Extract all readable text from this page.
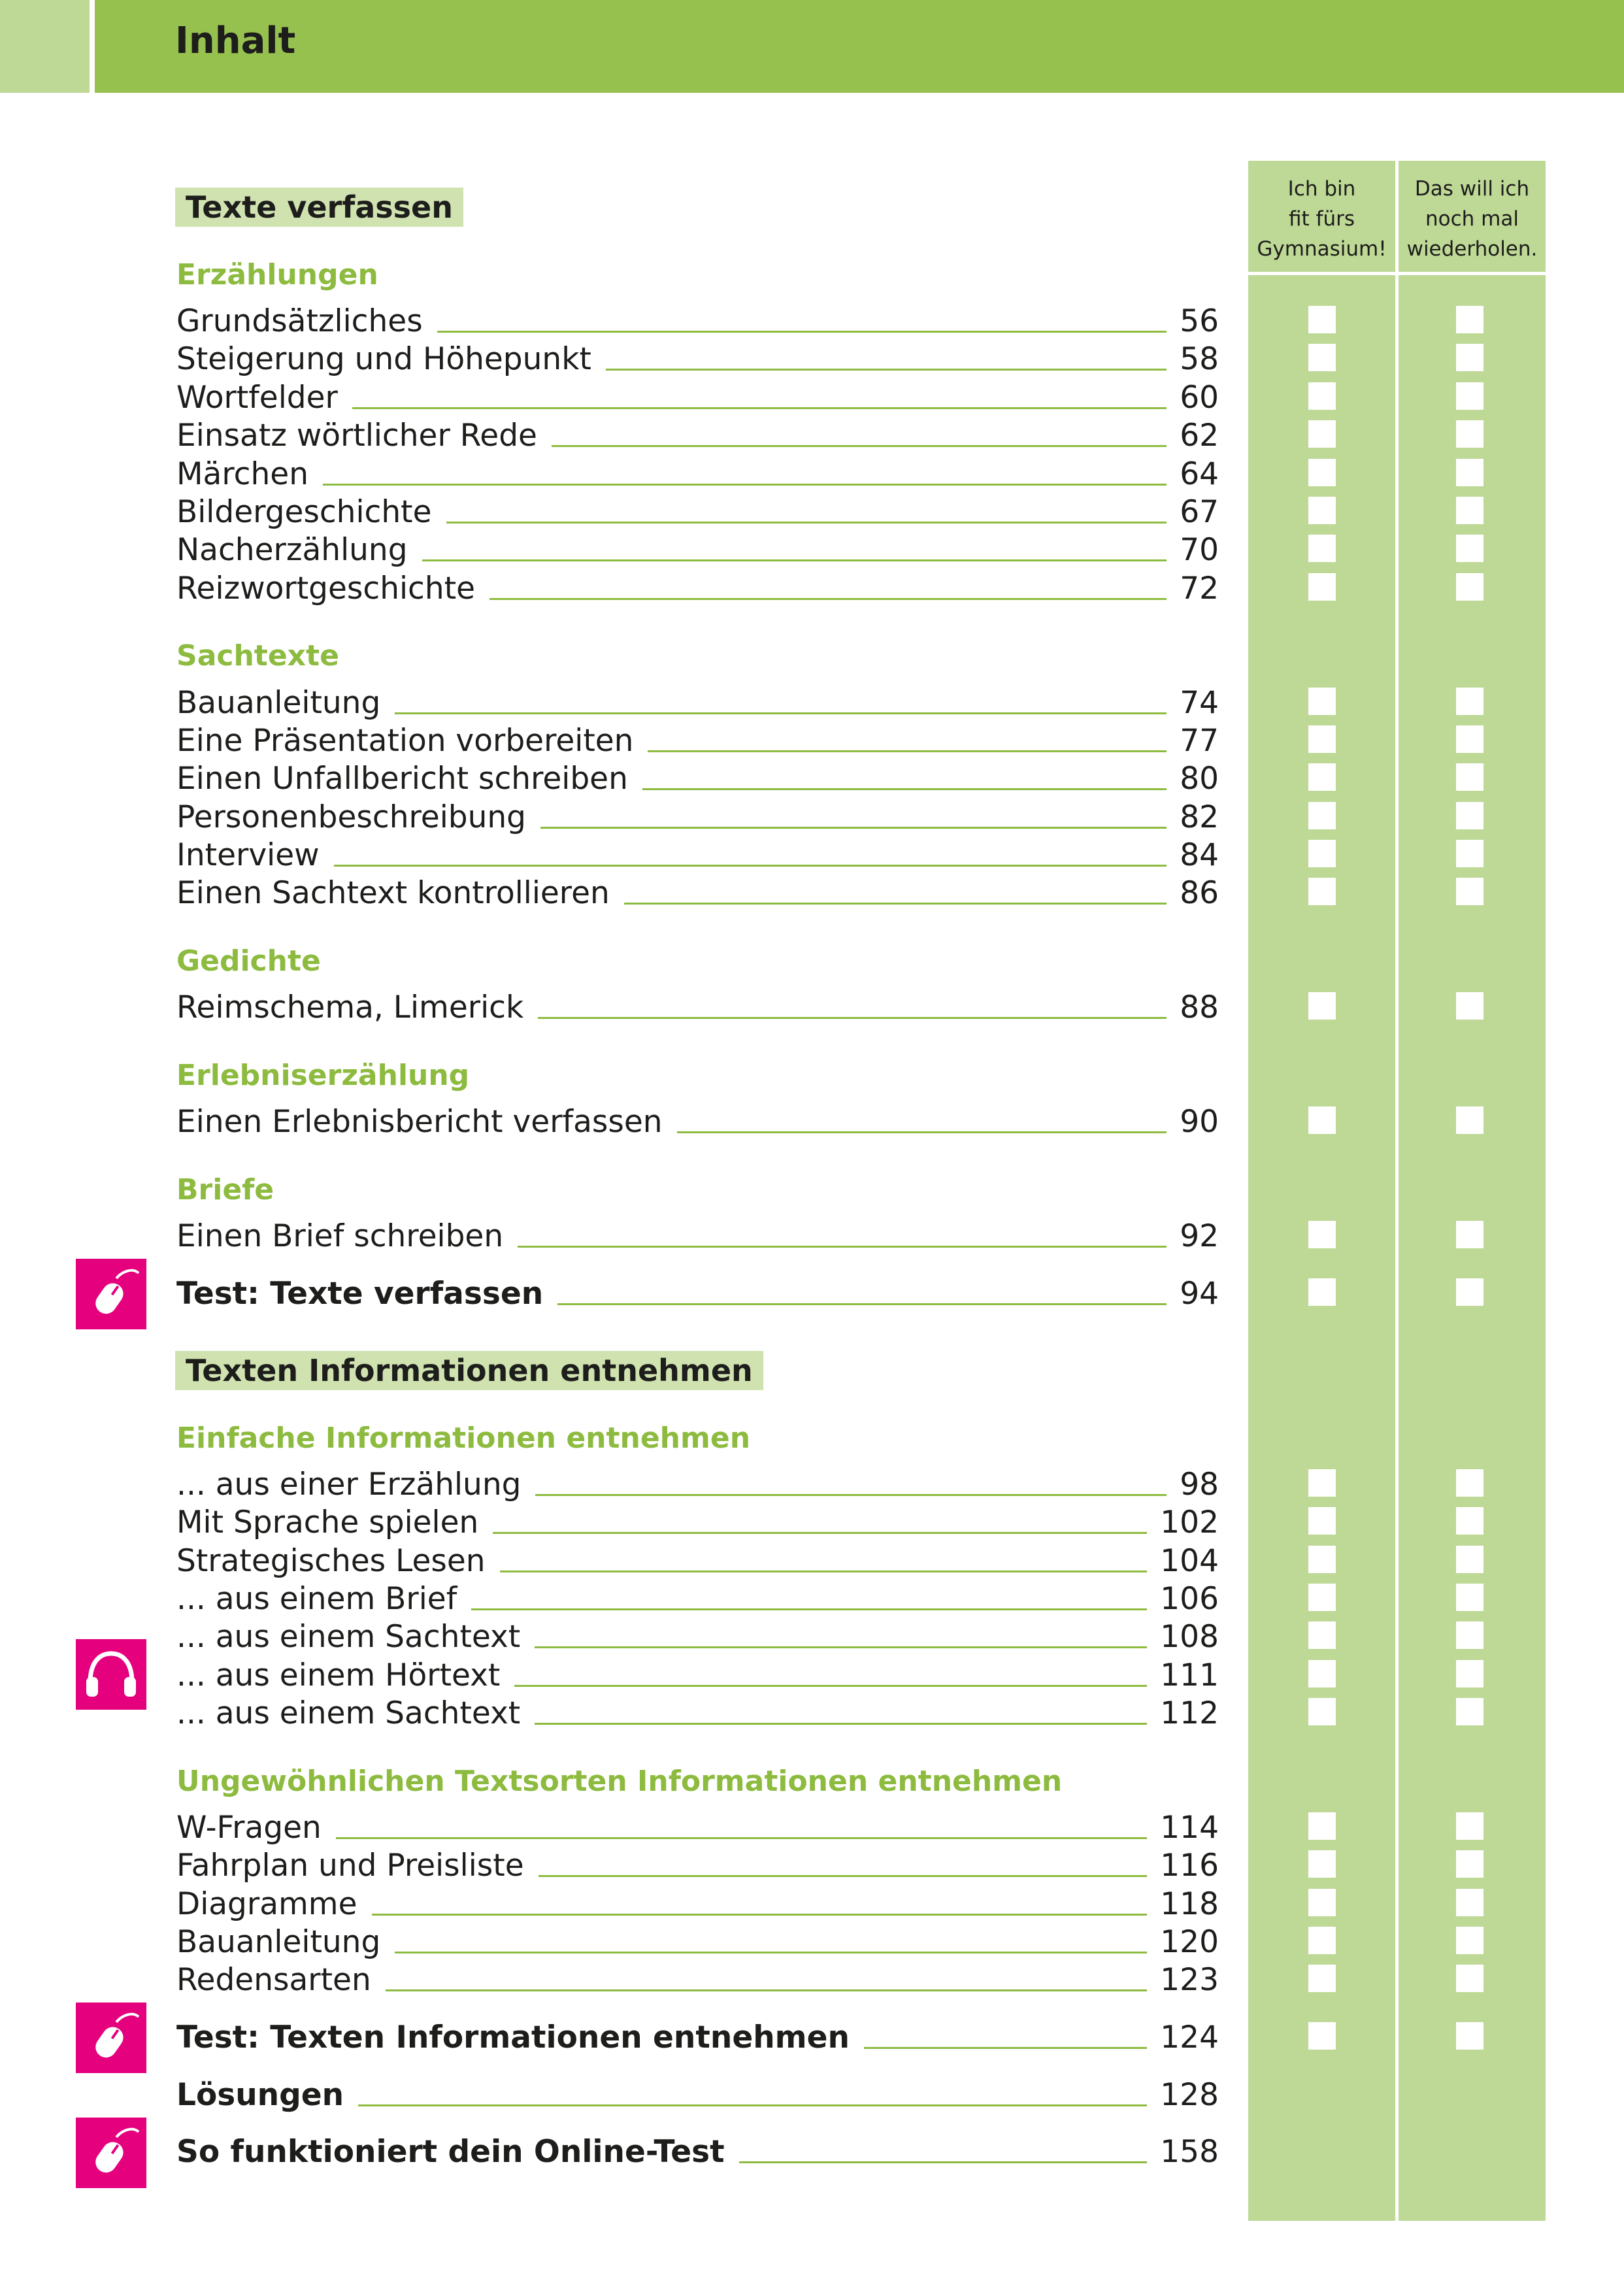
Inhalt
Ich bin
fit fürs
Gymnasium!
Das will ich
noch mal
wiederholen.
Texte verfassen
Erzählungen
Sachtexte
Gedichte
Erlebniserzählung
Briefe
Texten Informationen entnehmen
Einfache Informationen entnehmen
Ungewöhnlichen Textsorten Informationen entnehmen
Grundsätzliches	56
Steigerung und Höhepunkt	58
Wortfelder	60
Einsatz wörtlicher Rede	62
Märchen	64
Bildergeschichte	67
Nacherzählung	70
Reizwortgeschichte	72
Bauanleitung	74
Eine Präsentation vorbereiten	77
Einen Unfallbericht schreiben	80
Personenbeschreibung	82
Interview	84
Einen Sachtext kontrollieren	86
Reimschema, Limerick	88
Einen Erlebnisbericht verfassen	90
Einen Brief schreiben	92
Test: Texte verfassen	94
... aus einer Erzählung	98
Mit Sprache spielen	102
Strategisches Lesen	104
... aus einem Brief	106
... aus einem Sachtext	108
... aus einem Hörtext	111
... aus einem Sachtext	112
W-Fragen	114
Fahrplan und Preisliste	116
Diagramme	118
Bauanleitung	120
Redensarten	123
Test: Texten Informationen entnehmen	124
Lösungen	128
So funktioniert dein Online-Test	158
